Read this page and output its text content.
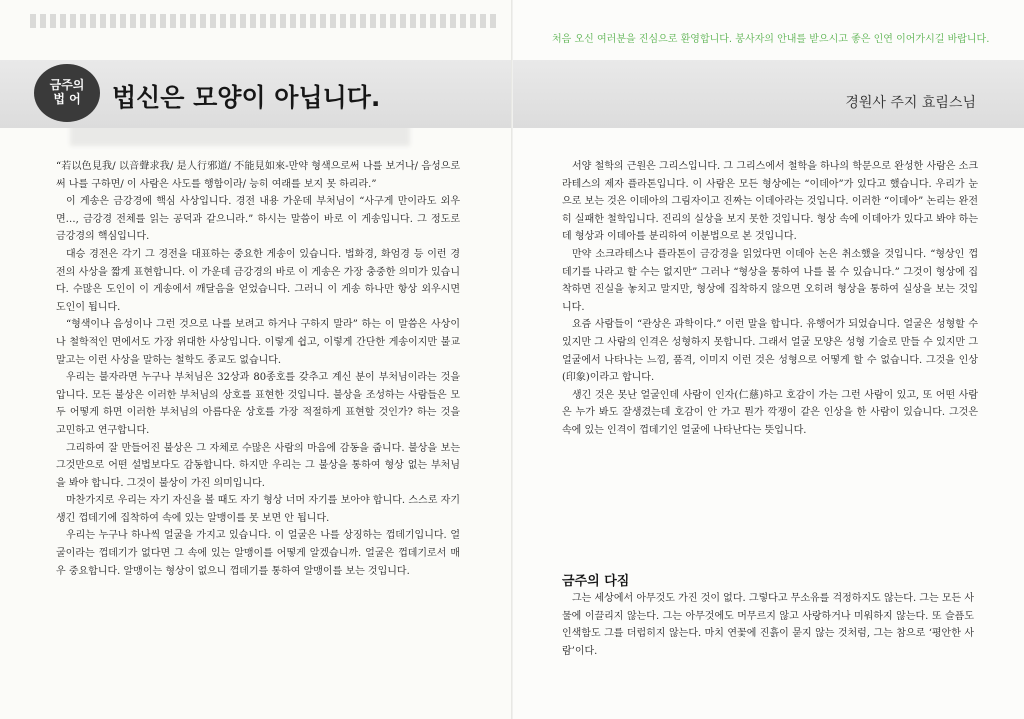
금주의
법 어	법신은 모양이 아닙니다.

“若以色見我/ 以音聲求我/ 是人行邪道/ 不能見如來-만약 형색으로써 나를 보거나/ 음성으로써 나를 구하면/ 이 사람은 사도를 행함이라/ 능히 여래를 보지 못 하리라.”

이 게송은 금강경에 핵심 사상입니다. 경전 내용 가운데 부처님이 “사구게 만이라도 외우면…, 금강경 전체를 읽는 공덕과 같으니라.” 하시는 말씀이 바로 이 게송입니다. 그 정도로 금강경의 핵심입니다.

대승 경전은 각기 그 경전을 대표하는 중요한 게송이 있습니다. 법화경, 화엄경 등 이런 경전의 사상을 짧게 표현합니다. 이 가운데 금강경의 바로 이 게송은 가장 충중한 의미가 있습니다. 수많은 도인이 이 게송에서 깨달음을 얻었습니다. 그러니 이 게송 하나만 항상 외우시면 도인이 됩니다.

“형색이나 음성이나 그런 것으로 나를 보려고 하거나 구하지 말라” 하는 이 말씀은 사상이나 철학적인 면에서도 가장 위대한 사상입니다. 이렇게 쉽고, 이렇게 간단한 게송이지만 불교 말고는 이런 사상을 말하는 철학도 종교도 없습니다.

우리는 불자라면 누구나 부처님은 32상과 80종호를 갖추고 계신 분이 부처님이라는 것을 압니다. 모든 불상은 이러한 부처님의 상호를 표현한 것입니다. 불상을 조성하는 사람들은 모두 어떻게 하면 이러한 부처님의 아름다운 상호를 가장 적절하게 표현할 것인가? 하는 것을 고민하고 연구합니다.

그리하여 잘 만들어진 불상은 그 자체로 수많은 사람의 마음에 감동을 줍니다. 불상을 보는 그것만으로 어떤 설법보다도 감동합니다. 하지만 우리는 그 불상을 통하여 형상 없는 부처님을 봐야 합니다. 그것이 불상이 가진 의미입니다.

마찬가지로 우리는 자기 자신을 볼 때도 자기 형상 너머 자기를 보아야 합니다. 스스로 자기 생긴 껍데기에 집착하여 속에 있는 알맹이를 못 보면 안 됩니다.

우리는 누구나 하나씩 얼굴을 가지고 있습니다. 이 얼굴은 나를 상징하는 껍데기입니다. 얼굴이라는 껍데기가 없다면 그 속에 있는 알맹이를 어떻게 알겠습니까. 얼굴은 껍데기로서 매우 중요합니다. 알맹이는 형상이 없으니 껍데기를 통하여 알맹이를 보는 것입니다.

처음 오신 여러분을 진심으로 환영합니다. 봉사자의 안내를 받으시고 좋은 인연 이어가시길 바랍니다.
경원사 주지 효림스님

서양 철학의 근원은 그리스입니다. 그 그리스에서 철학을 하나의 학문으로 완성한 사람은 소크라테스의 제자 플라톤입니다. 이 사람은 모든 형상에는 “이데아”가 있다고 했습니다. 우리가 눈으로 보는 것은 이데아의 그림자이고 진짜는 이데아라는 것입니다. 이러한 “이데아” 논리는 완전히 실패한 철학입니다. 진리의 실상을 보지 못한 것입니다. 형상 속에 이데아가 있다고 봐야 하는데 형상과 이데아를 분리하여 이분법으로 본 것입니다.

만약 소크라테스나 플라톤이 금강경을 읽었다면 이데아 논은 취소했을 것입니다. “형상인 껍데기를 나라고 할 수는 없지만” 그러나 “형상을 통하여 나를 볼 수 있습니다.” 그것이 형상에 집착하면 진실을 놓치고 말지만, 형상에 집착하지 않으면 오히려 형상을 통하여 실상을 보는 것입니다.

요즘 사람들이 “관상은 과학이다.” 이런 말을 합니다. 유행어가 되었습니다. 얼굴은 성형할 수 있지만 그 사람의 인격은 성형하지 못합니다. 그래서 얼굴 모양은 성형 기술로 만들 수 있지만 그 얼굴에서 나타나는 느낌, 품격, 이미지 이런 것은 성형으로 어떻게 할 수 없습니다. 그것을 인상(印象)이라고 합니다.

생긴 것은 못난 얼굴인데 사람이 인자(仁慈)하고 호감이 가는 그런 사람이 있고, 또 어떤 사람은 누가 봐도 잘생겼는데 호감이 안 가고 뭔가 깍쟁이 같은 인상을 한 사람이 있습니다. 그것은 속에 있는 인격이 껍데기인 얼굴에 나타난다는 뜻입니다.

금주의 다짐

그는 세상에서 아무것도 가진 것이 없다. 그렇다고 무소유를 걱정하지도 않는다. 그는 모든 사물에 이끌리지 않는다. 그는 아무것에도 머무르지 않고 사랑하거나 미워하지 않는다. 또 슬픔도 인색함도 그를 더럽히지 않는다. 마치 연꽃에 진흙이 묻지 않는 것처럼, 그는 참으로 ‘평안한 사람’이다.
